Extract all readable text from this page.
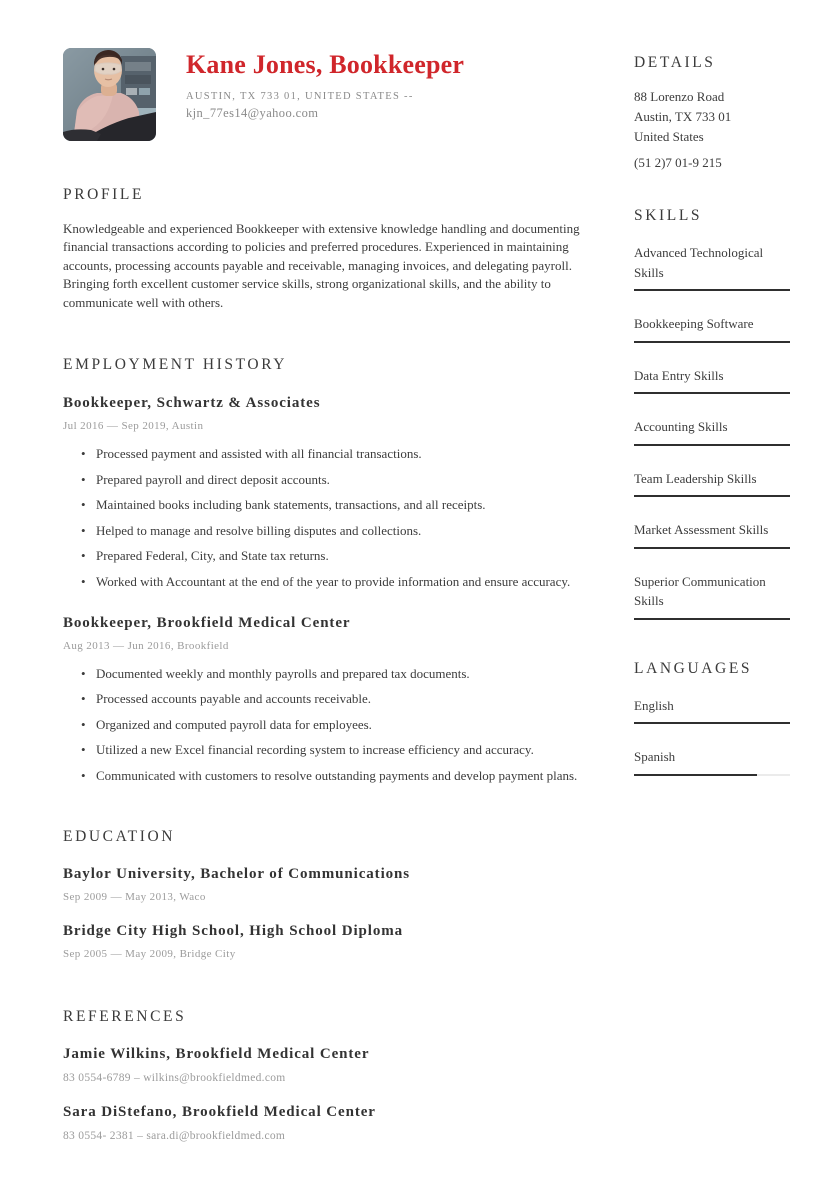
Kane Jones, Bookkeeper
AUSTIN, TX 733 01, UNITED STATES --
kjn_77es14@yahoo.com
PROFILE
Knowledgeable and experienced Bookkeeper with extensive knowledge handling and documenting financial transactions according to policies and preferred procedures. Experienced in maintaining accounts, processing accounts payable and receivable, managing invoices, and delegating payroll. Bringing forth excellent customer service skills, strong organizational skills, and the ability to communicate well with others.
EMPLOYMENT HISTORY
Bookkeeper, Schwartz & Associates
Jul 2016 — Sep 2019, Austin
• Processed payment and assisted with all financial transactions.
• Prepared payroll and direct deposit accounts.
• Maintained books including bank statements, transactions, and all receipts.
• Helped to manage and resolve billing disputes and collections.
• Prepared Federal, City, and State tax returns.
• Worked with Accountant at the end of the year to provide information and ensure accuracy.
Bookkeeper, Brookfield Medical Center
Aug 2013 — Jun 2016, Brookfield
• Documented weekly and monthly payrolls and prepared tax documents.
• Processed accounts payable and accounts receivable.
• Organized and computed payroll data for employees.
• Utilized a new Excel financial recording system to increase efficiency and accuracy.
• Communicated with customers to resolve outstanding payments and develop payment plans.
EDUCATION
Baylor University, Bachelor of Communications
Sep 2009 — May 2013, Waco
Bridge City High School, High School Diploma
Sep 2005 — May 2009, Bridge City
REFERENCES
Jamie Wilkins, Brookfield Medical Center
83 0554-6789 – wilkins@brookfieldmed.com
Sara DiStefano, Brookfield Medical Center
83 0554- 2381 – sara.di@brookfieldmed.com
DETAILS
88 Lorenzo Road
Austin, TX 733 01
United States
(51 2)7 01-9 215
SKILLS
Advanced Technological Skills
Bookkeeping Software
Data Entry Skills
Accounting Skills
Team Leadership Skills
Market Assessment Skills
Superior Communication Skills
LANGUAGES
English
Spanish
